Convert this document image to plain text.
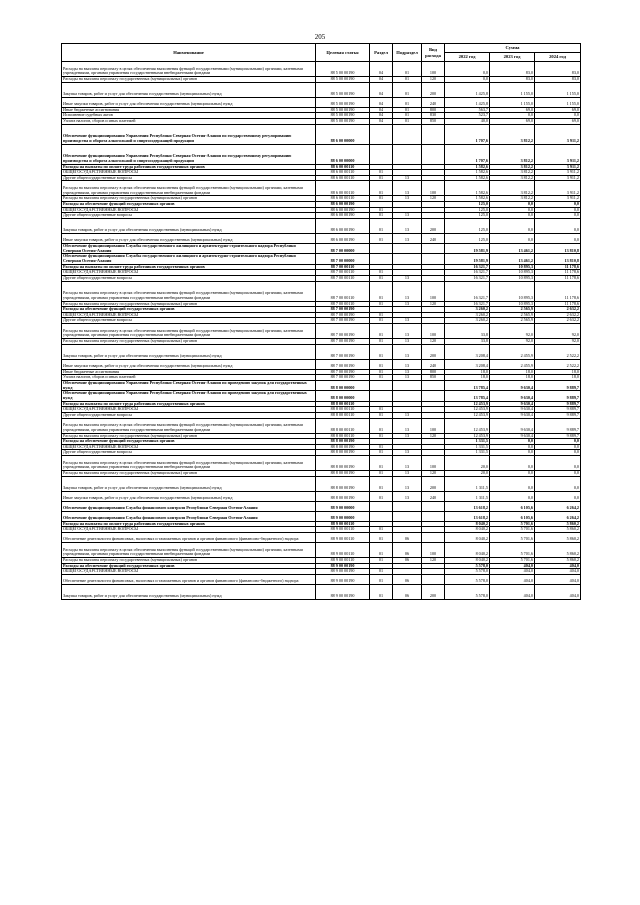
205
Наименование	Целевая статья	Раздел	Подраздел	Вид расхода	Сумма		
					2022 год	2023 год	2024 год
Расходы на выплаты персоналу в целях обеспечения выполнения функций государственными (муниципальными) органами, казенными учреждениями, органами управления государственными внебюджетными фондами	88 5 00 00190	04	01	100	0,0	83,0	83,0
Расходы на выплаты персоналу государственных (муниципальных) органов	88 5 00 00190	04	01	120	0,0	83,0	83,0
Закупка товаров, работ и услуг для обеспечения государственных (муниципальных) нужд	88 5 00 00190	04	01	200	1 425,8	1 155,0	1 155,0
Иные закупки товаров, работ и услуг для обеспечения государственных (муниципальных) нужд	88 5 00 00190	04	01	240	1 425,8	1 155,0	1 155,0
Иные бюджетные ассигнования	88 5 00 00190	04	01	800	563,7	69,0	69,0
Исполнение судебных актов	88 5 00 00190	04	01	830	523,7	0,0	0,0
Уплата налогов, сборов и иных платежей	88 5 00 00190	04	01	850	40,0	69,0	69,0
Обеспечение функционирования Управления Республики Северная Осетия-Алания по государственному регулированию производства и оборота алкогольной и спиртосодержащей продукции	88 6 00 00000				1 707,6	3 812,2	3 911,2
Обеспечение функционирования Управления Республики Северная Осетия-Алания по государственному регулированию производства и оборота алкогольной и спиртосодержащей продукции	88 6 00 00000				1 707,6	3 812,2	3 911,2
Расходы на выплаты по оплате труда работников государственных органов	88 6 00 00110				1 582,6	3 812,2	3 911,2
ОБЩЕГОСУДАРСТВЕННЫЕ ВОПРОСЫ	88 6 00 00110	01			1 582,6	3 812,2	3 911,2
Другие общегосударственные вопросы	88 6 00 00110	01	13		1 582,6	3 812,2	3 911,2
Расходы на выплаты персоналу в целях обеспечения выполнения функций государственными (муниципальными) органами, казенными учреждениями, органами управления государственными внебюджетными фондами	88 6 00 00110	01	13	100	1 582,6	3 812,2	3 911,2
Расходы на выплаты персоналу государственных (муниципальных) органов	88 6 00 00110	01	13	120	1 582,6	3 812,2	3 911,2
Расходы на обеспечение функций государственных органов	88 6 00 00190				125,0	0,0	0,0
ОБЩЕГОСУДАРСТВЕННЫЕ ВОПРОСЫ	88 6 00 00190	01			125,0	0,0	0,0
Другие общегосударственные вопросы	88 6 00 00190	01	13		125,0	0,0	0,0
Закупка товаров, работ и услуг для обеспечения государственных (муниципальных) нужд	88 6 00 00190	01	13	200	125,0	0,0	0,0
Иные закупки товаров, работ и услуг для обеспечения государственных (муниципальных) нужд	88 6 00 00190	01	13	240	125,0	0,0	0,0
Обеспечение функционирования Службы государственного жилищного и архитектурно-строительного надзора Республики Северная Осетия-Алания	88 7 00 00000				19 581,9	13 461,2	13 810,8
Обеспечение функционирования Службы государственного жилищного и архитектурно-строительного надзора Республики Северная Осетия-Алания	88 7 00 00000				19 581,9	13 461,2	13 810,8
Расходы на выплаты по оплате труда работников государственных органов	88 7 00 00110				16 321,7	10 895,3	11 178,6
ОБЩЕГОСУДАРСТВЕННЫЕ ВОПРОСЫ	88 7 00 00110	01			16 321,7	10 895,3	11 178,6
Другие общегосударственные вопросы	88 7 00 00110	01	13		16 321,7	10 895,3	11 178,6
Расходы на выплаты персоналу в целях обеспечения выполнения функций государственными (муниципальными) органами, казенными учреждениями, органами управления государственными внебюджетными фондами	88 7 00 00110	01	13	100	16 321,7	10 895,3	11 178,6
Расходы на выплаты персоналу государственных (муниципальных) органов	88 7 00 00110	01	13	120	16 321,7	10 895,3	11 178,6
Расходы на обеспечение функций государственных органов	88 7 00 00190				3 260,2	2 565,9	2 632,2
ОБЩЕГОСУДАРСТВЕННЫЕ ВОПРОСЫ	88 7 00 00190	01			3 260,2	2 565,9	2 632,2
Другие общегосударственные вопросы	88 7 00 00190	01	13		3 260,2	2 565,9	2 632,2
Расходы на выплаты персоналу в целях обеспечения выполнения функций государственными (муниципальными) органами, казенными учреждениями, органами управления государственными внебюджетными фондами	88 7 00 00190	01	13	100	33,8	92,0	92,0
Расходы на выплаты персоналу государственных (муниципальных) органов	88 7 00 00190	01	13	120	33,8	92,0	92,0
Закупка товаров, работ и услуг для обеспечения государственных (муниципальных) нужд	88 7 00 00190	01	13	200	3 208,4	2 455,9	2 522,2
Иные закупки товаров, работ и услуг для обеспечения государственных (муниципальных) нужд	88 7 00 00190	01	13	240	3 208,4	2 455,9	2 522,2
Иные бюджетные ассигнования	88 7 00 00190	01	13	800	18,0	18,0	18,0
Уплата налогов, сборов и иных платежей	88 7 00 00190	01	13	850	18,0	18,0	18,0
Обеспечение функционирования Управления Республики Северная Осетия-Алания по проведению закупок для государственных нужд	88 8 00 00000				13 785,4	9 630,4	9 889,7
Обеспечение функционирования Управления Республики Северная Осетия-Алания по проведению закупок для государственных нужд	88 8 00 00000				13 785,4	9 630,4	9 889,7
Расходы на выплаты по оплате труда работников государственных органов	88 8 00 00110				12 453,9	9 630,4	9 889,7
ОБЩЕГОСУДАРСТВЕННЫЕ ВОПРОСЫ	88 8 00 00110	01			12 453,9	9 630,4	9 889,7
Другие общегосударственные вопросы	88 8 00 00110	01	13		12 453,9	9 630,4	9 889,7
Расходы на выплаты персоналу в целях обеспечения выполнения функций государственными (муниципальными) органами, казенными учреждениями, органами управления государственными внебюджетными фондами	88 8 00 00110	01	13	100	12 453,9	9 630,4	9 889,7
Расходы на выплаты персоналу государственных (муниципальных) органов	88 8 00 00110	01	13	120	12 453,9	9 630,4	9 889,7
Расходы на обеспечение функций государственных органов	88 8 00 00190				1 331,5	0,0	0,0
ОБЩЕГОСУДАРСТВЕННЫЕ ВОПРОСЫ	88 8 00 00190	01			1 331,5	0,0	0,0
Другие общегосударственные вопросы	88 8 00 00190	01	13		1 331,5	0,0	0,0
Расходы на выплаты персоналу в целях обеспечения выполнения функций государственными (муниципальными) органами, казенными учреждениями, органами управления государственными внебюджетными фондами	88 8 00 00190	01	13	100	20,0	0,0	0,0
Расходы на выплаты персоналу государственных (муниципальных) органов	88 8 00 00190	01	13	120	20,0	0,0	0,0
Закупка товаров, работ и услуг для обеспечения государственных (муниципальных) нужд	88 8 00 00190	01	13	200	1 311,5	0,0	0,0
Иные закупки товаров, работ и услуг для обеспечения государственных (муниципальных) нужд	88 8 00 00190	01	13	240	1 311,5	0,0	0,0
Обеспечение функционирования Службы финансового контроля Республики Северная Осетия-Алания	88 9 00 00000				13 618,2	6 105,6	6 264,2
Обеспечение функционирования Службы финансового контроля Республики Северная Осетия-Алания	88 9 00 00000				13 618,2	6 105,6	6 264,2
Расходы на выплаты по оплате труда работников государственных органов	88 9 00 00110				8 040,2	5 701,6	5 860,2
ОБЩЕГОСУДАРСТВЕННЫЕ ВОПРОСЫ	88 9 00 00110	01			8 040,2	5 701,6	5 860,2
Обеспечение деятельности финансовых, налоговых и таможенных органов и органов финансового (финансово-бюджетного) надзора	88 9 00 00110	01	06		8 040,2	5 701,6	5 860,2
Расходы на выплаты персоналу в целях обеспечения выполнения функций государственными (муниципальными) органами, казенными учреждениями, органами управления государственными внебюджетными фондами	88 9 00 00110	01	06	100	8 040,2	5 701,6	5 860,2
Расходы на выплаты персоналу государственных (муниципальных) органов	88 9 00 00110	01	06	120	8 040,2	5 701,6	5 860,2
Расходы на обеспечение функций государственных органов	88 9 00 00190				5 578,0	404,0	404,0
ОБЩЕГОСУДАРСТВЕННЫЕ ВОПРОСЫ	88 9 00 00190	01			5 578,0	404,0	404,0
Обеспечение деятельности финансовых, налоговых и таможенных органов и органов финансового (финансово-бюджетного) надзора	88 9 00 00190	01	06		5 578,0	404,0	404,0
Закупка товаров, работ и услуг для обеспечения государственных (муниципальных) нужд	88 9 00 00190	01	06	200	5 578,0	404,0	404,0
